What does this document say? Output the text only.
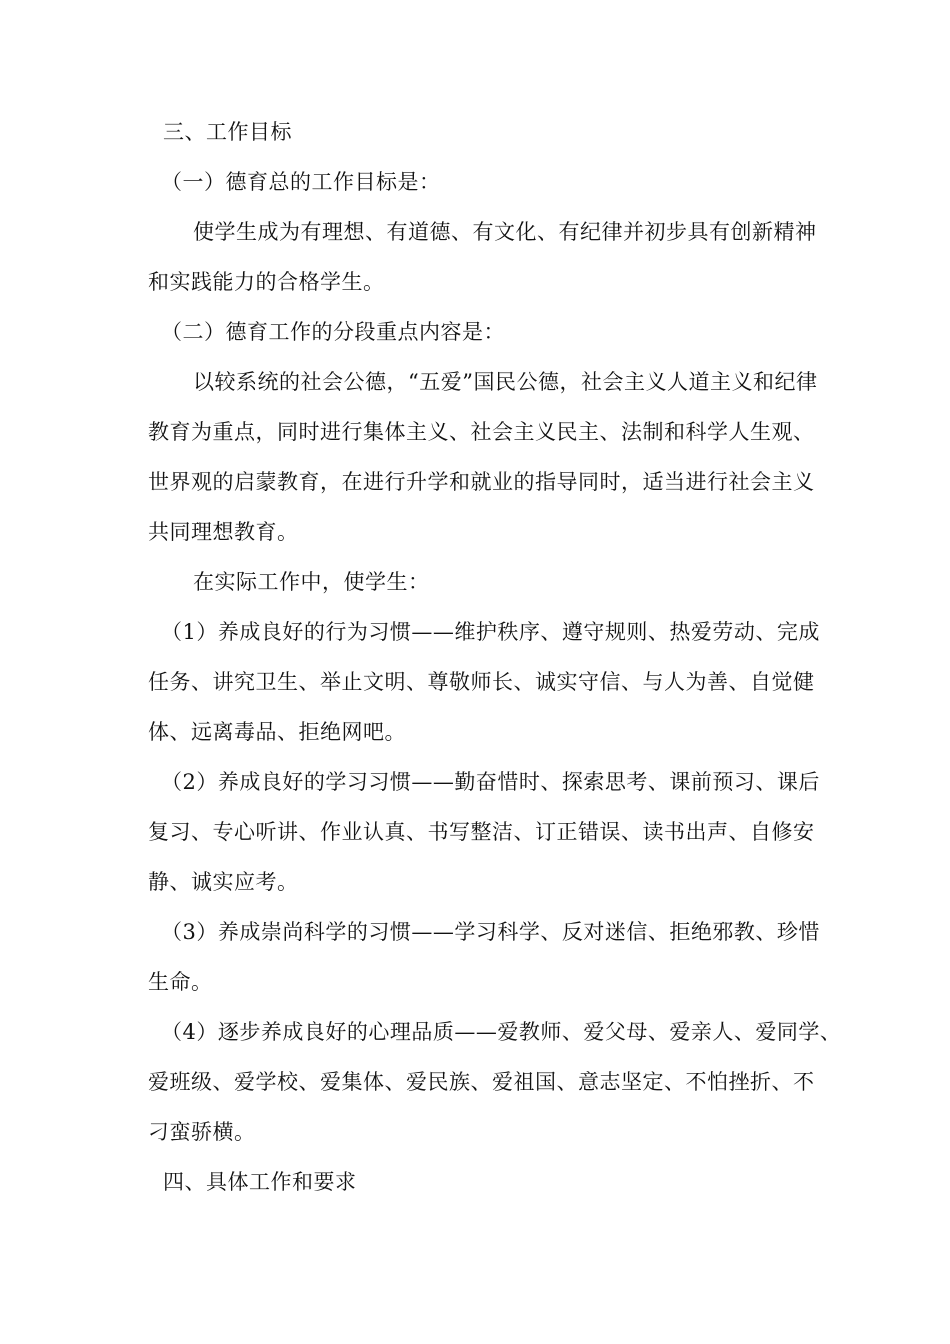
三、工作目标
（一）德育总的工作目标是：
使学生成为有理想、有道德、有文化、有纪律并初步具有创新精神
和实践能力的合格学生。
（二）德育工作的分段重点内容是：
以较系统的社会公德，“五爱”国民公德，社会主义人道主义和纪律
教育为重点，同时进行集体主义、社会主义民主、法制和科学人生观、
世界观的启蒙教育，在进行升学和就业的指导同时，适当进行社会主义
共同理想教育。
在实际工作中，使学生：
（1）养成良好的行为习惯——维护秩序、遵守规则、热爱劳动、完成
任务、讲究卫生、举止文明、尊敬师长、诚实守信、与人为善、自觉健
体、远离毒品、拒绝网吧。
（2）养成良好的学习习惯——勤奋惜时、探索思考、课前预习、课后
复习、专心听讲、作业认真、书写整洁、订正错误、读书出声、自修安
静、诚实应考。
（3）养成崇尚科学的习惯——学习科学、反对迷信、拒绝邪教、珍惜
生命。
（4）逐步养成良好的心理品质——爱教师、爱父母、爱亲人、爱同学、
爱班级、爱学校、爱集体、爱民族、爱祖国、意志坚定、不怕挫折、不
刁蛮骄横。
四、具体工作和要求
